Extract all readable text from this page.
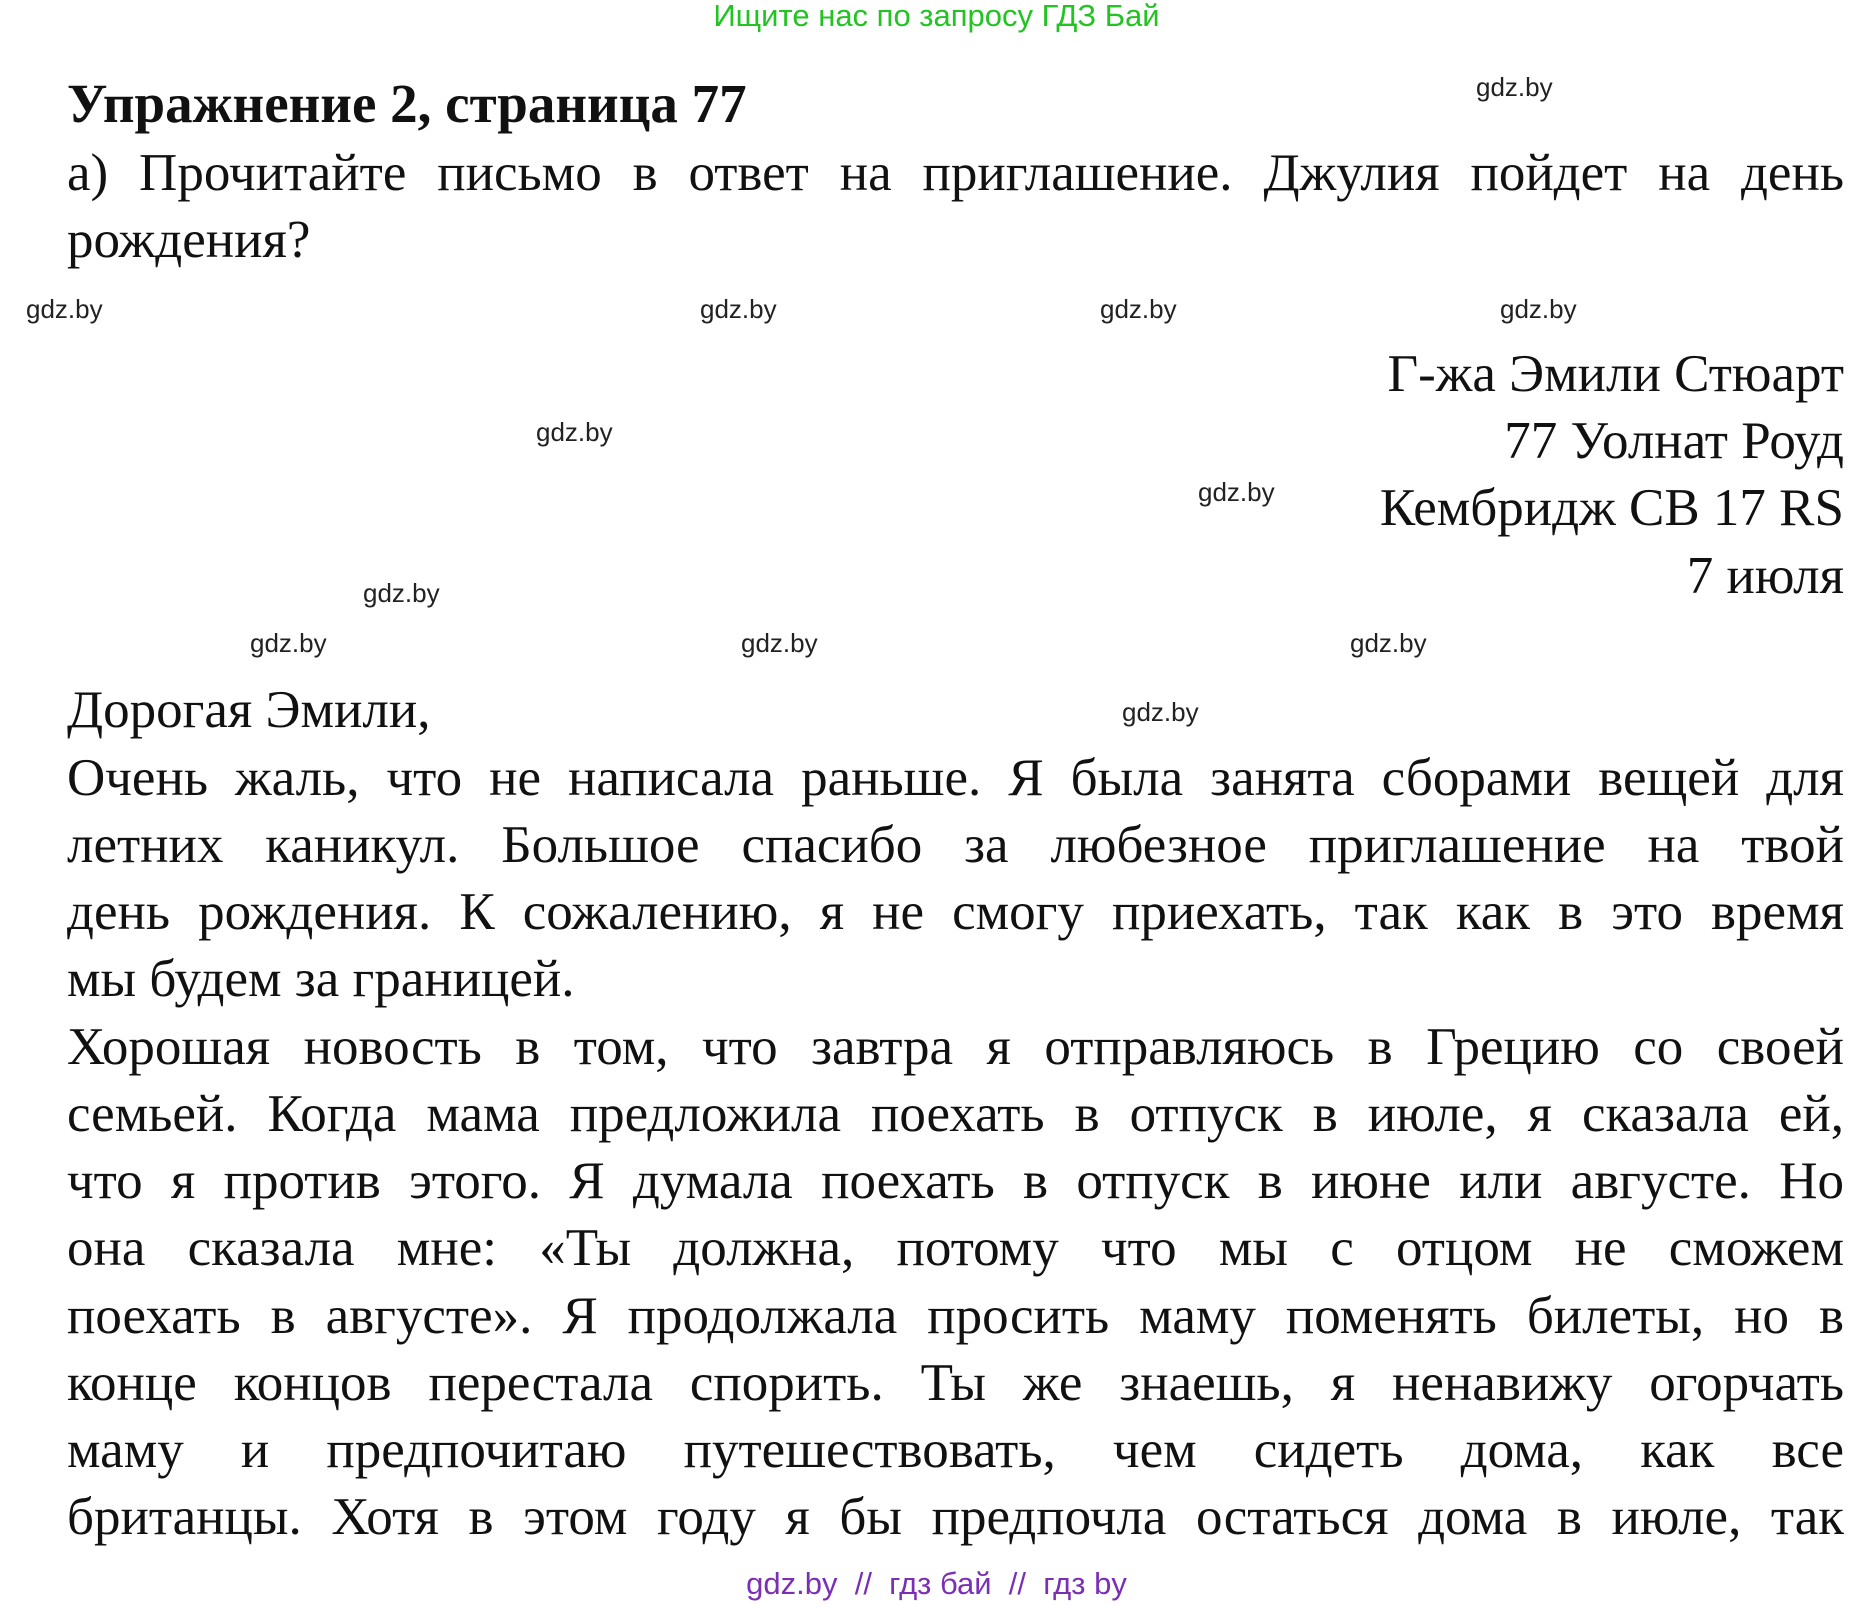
Ищите нас по запросу ГДЗ Бай
Упражнение 2, страница 77
а) Прочитайте письмо в ответ на приглашение. Джулия пойдет на день
рождения?
Г-жа Эмили Стюарт
77 Уолнат Роуд
Кембридж CB 17 RS
7 июля
Дорогая Эмили,
Очень жаль, что не написала раньше. Я была занята сборами вещей для
летних каникул. Большое спасибо за любезное приглашение на твой
день рождения. К сожалению, я не смогу приехать, так как в это время
мы будем за границей.
Хорошая новость в том, что завтра я отправляюсь в Грецию со своей
семьей. Когда мама предложила поехать в отпуск в июле, я сказала ей,
что я против этого. Я думала поехать в отпуск в июне или августе. Но
она сказала мне: «Ты должна, потому что мы с отцом не сможем
поехать в августе». Я продолжала просить маму поменять билеты, но в
конце концов перестала спорить. Ты же знаешь, я ненавижу огорчать
маму и предпочитаю путешествовать, чем сидеть дома, как все
британцы. Хотя в этом году я бы предпочла остаться дома в июле, так
gdz.by
gdz.by
gdz.by
gdz.by
gdz.by
gdz.by
gdz.by
gdz.by
gdz.by
gdz.by
gdz.by
gdz.by
gdz.by  //  гдз бай  //  гдз by
